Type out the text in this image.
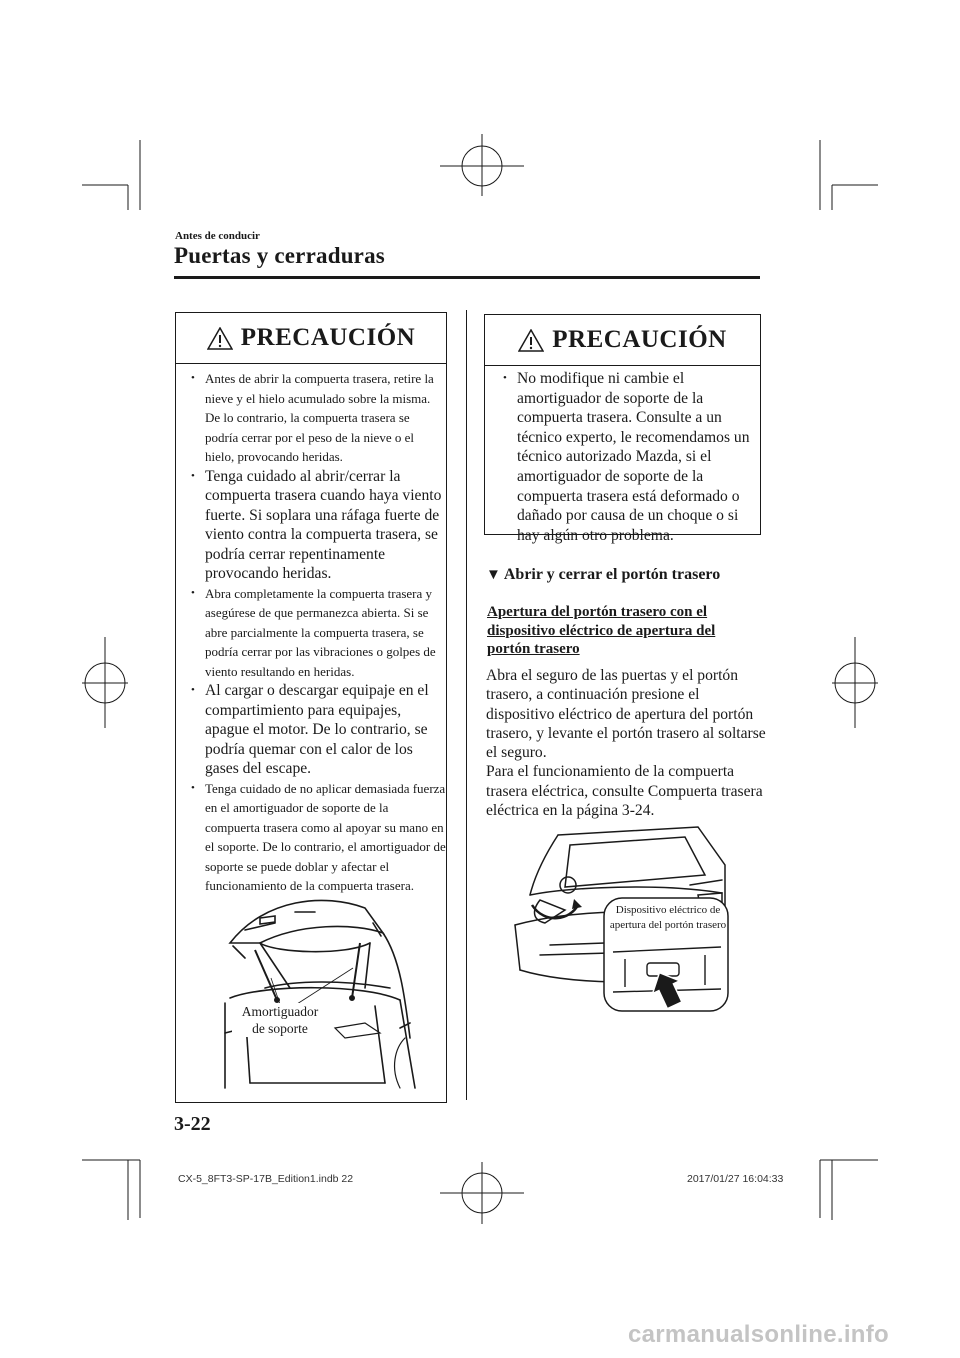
Antes de conducir
Puertas y cerraduras
PRECAUCIÓN
• Antes de abrir la compuerta trasera, retire la nieve y el hielo acumulado sobre la misma. De lo contrario, la compuerta trasera se podría cerrar por el peso de la nieve o el hielo, provocando heridas.
• Tenga cuidado al abrir/cerrar la compuerta trasera cuando haya viento fuerte. Si soplara una ráfaga fuerte de viento contra la compuerta trasera, se podría cerrar repentinamente provocando heridas.
• Abra completamente la compuerta trasera y asegúrese de que permanezca abierta. Si se abre parcialmente la compuerta trasera, se podría cerrar por las vibraciones o golpes de viento resultando en heridas.
• Al cargar o descargar equipaje en el compartimiento para equipajes, apague el motor. De lo contrario, se podría quemar con el calor de los gases del escape.
• Tenga cuidado de no aplicar demasiada fuerza en el amortiguador de soporte de la compuerta trasera como al apoyar su mano en el soporte. De lo contrario, el amortiguador de soporte se puede doblar y afectar el funcionamiento de la compuerta trasera.
Amortiguador
de soporte
PRECAUCIÓN
• No modifique ni cambie el amortiguador de soporte de la compuerta trasera. Consulte a un técnico experto, le recomendamos un técnico autorizado Mazda, si el amortiguador de soporte de la compuerta trasera está deformado o dañado por causa de un choque o si hay algún otro problema.
▼ Abrir y cerrar el portón trasero
Apertura del portón trasero con el dispositivo eléctrico de apertura del portón trasero
Abra el seguro de las puertas y el portón trasero, a continuación presione el dispositivo eléctrico de apertura del portón trasero, y levante el portón trasero al soltarse el seguro.
Para el funcionamiento de la compuerta trasera eléctrica, consulte Compuerta trasera eléctrica en la página 3-24.
Dispositivo eléctrico de
apertura del portón trasero
3-22
CX-5_8FT3-SP-17B_Edition1.indb 22	2017/01/27 16:04:33
carmanualsonline.info
